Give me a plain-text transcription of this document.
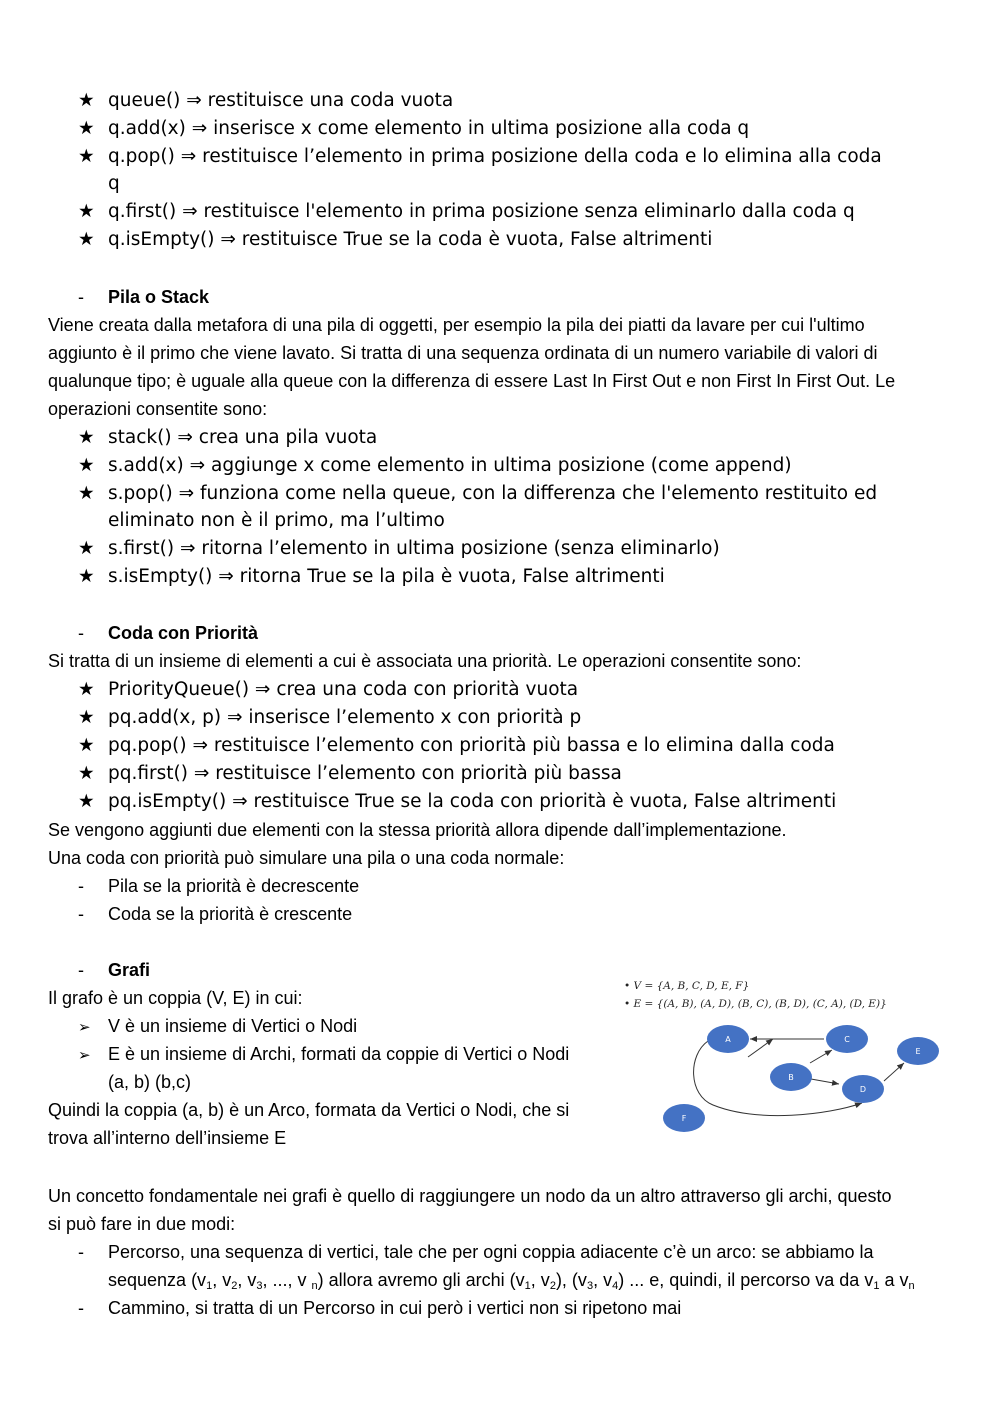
★ queue() ⇒ restituisce una coda vuota
★ q.add(x) ⇒ inserisce x come elemento in ultima posizione alla coda q
★ q.pop() ⇒ restituisce l’elemento in prima posizione della coda e lo elimina alla coda
q
★ q.first() ⇒ restituisce l'elemento in prima posizione senza eliminarlo dalla coda q
★ q.isEmpty() ⇒ restituisce True se la coda è vuota, False altrimenti
- Pila o Stack
Viene creata dalla metafora di una pila di oggetti, per esempio la pila dei piatti da lavare per cui l'ultimo
aggiunto è il primo che viene lavato. Si tratta di una sequenza ordinata di un numero variabile di valori di
qualunque tipo; è uguale alla queue con la differenza di essere Last In First Out e non First In First Out. Le
operazioni consentite sono:
★ stack() ⇒ crea una pila vuota
★ s.add(x) ⇒ aggiunge x come elemento in ultima posizione (come append)
★ s.pop() ⇒ funziona come nella queue, con la differenza che l'elemento restituito ed
eliminato non è il primo, ma l’ultimo
★ s.first() ⇒ ritorna l’elemento in ultima posizione (senza eliminarlo)
★ s.isEmpty() ⇒ ritorna True se la pila è vuota, False altrimenti
- Coda con Priorità
Si tratta di un insieme di elementi a cui è associata una priorità. Le operazioni consentite sono:
★ PriorityQueue() ⇒ crea una coda con priorità vuota
★ pq.add(x, p) ⇒ inserisce l’elemento x con priorità p
★ pq.pop() ⇒ restituisce l’elemento con priorità più bassa e lo elimina dalla coda
★ pq.first() ⇒ restituisce l’elemento con priorità più bassa
★ pq.isEmpty() ⇒ restituisce True se la coda con priorità è vuota, False altrimenti
Se vengono aggiunti due elementi con la stessa priorità allora dipende dall’implementazione.
Una coda con priorità può simulare una pila o una coda normale:
- Pila se la priorità è decrescente
- Coda se la priorità è crescente
- Grafi
Il grafo è un coppia (V, E) in cui:
➢ V è un insieme di Vertici o Nodi
➢ E è un insieme di Archi, formati da coppie di Vertici o Nodi
(a, b) (b,c)
Quindi la coppia (a, b) è un Arco, formata da Vertici o Nodi, che si
trova all’interno dell’insieme E
• V = {A, B, C, D, E, F}
• E = {(A, B), (A, D), (B, C), (B, D), (C, A), (D, E)}
A
B
C
D
E
F
Un concetto fondamentale nei grafi è quello di raggiungere un nodo da un altro attraverso gli archi, questo
si può fare in due modi:
- Percorso, una sequenza di vertici, tale che per ogni coppia adiacente c’è un arco: se abbiamo la
sequenza ($v_1$, $v_2$, $v_3$, ..., v $_n$) allora avremo gli archi ($v_1$, $v_2$), ($v_3$, $v_4$) ... e, quindi, il percorso va da $v_1$ a $v_n$
- Cammino, si tratta di un Percorso in cui però i vertici non si ripetono mai
